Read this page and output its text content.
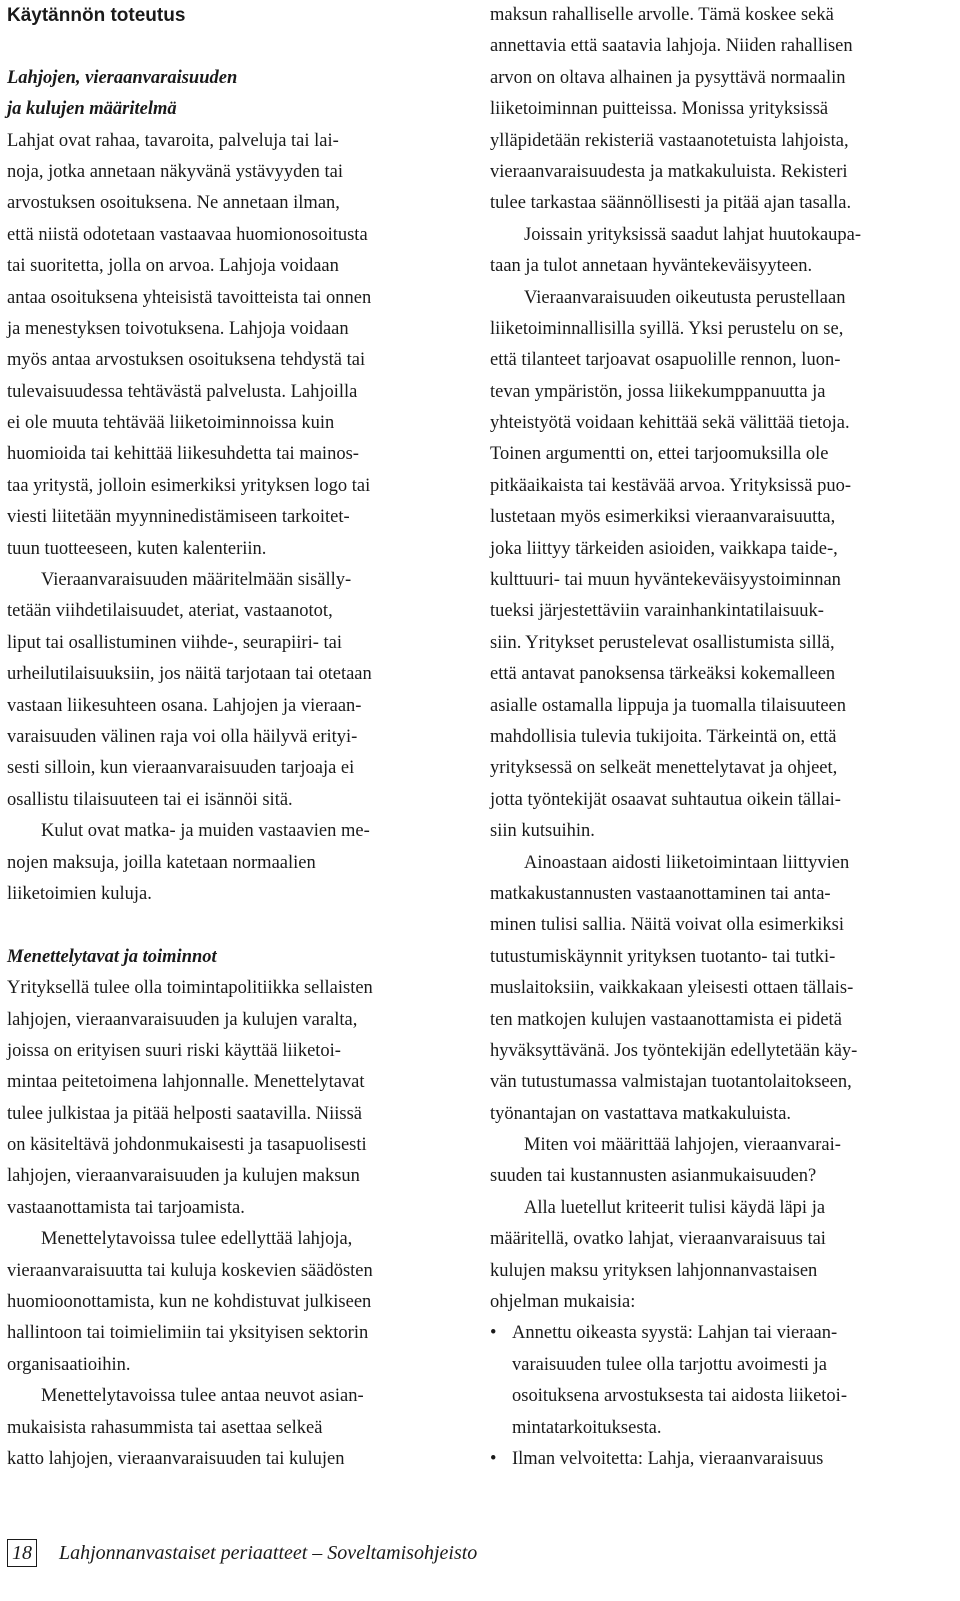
Käytännön toteutus
Lahjojen, vieraanvaraisuuden
ja kulujen määritelmä
Lahjat ovat rahaa, tavaroita, palveluja tai lai-
noja, jotka annetaan näkyvänä ystävyyden tai
arvostuksen osoituksena. Ne annetaan ilman,
että niistä odotetaan vastaavaa huomionosoitusta
tai suoritetta, jolla on arvoa. Lahjoja voidaan
antaa osoituksena yhteisistä tavoitteista tai onnen
ja menestyksen toivotuksena. Lahjoja voidaan
myös antaa arvostuksen osoituksena tehdystä tai
tulevaisuudessa tehtävästä palvelusta. Lahjoilla
ei ole muuta tehtävää liiketoiminnoissa kuin
huomioida tai kehittää liikesuhdetta tai mainos-
taa yritystä, jolloin esimerkiksi yrityksen logo tai
viesti liitetään myynninedistämiseen tarkoitet-
tuun tuotteeseen, kuten kalenteriin.
Vieraanvaraisuuden määritelmään sisälly-
tetään viihdetilaisuudet, ateriat, vastaanotot,
liput tai osallistuminen viihde-, seurapiiri- tai
urheilutilaisuuksiin, jos näitä tarjotaan tai otetaan
vastaan liikesuhteen osana. Lahjojen ja vieraan-
varaisuuden välinen raja voi olla häilyvä erityi-
sesti silloin, kun vieraanvaraisuuden tarjoaja ei
osallistu tilaisuuteen tai ei isännöi sitä.
Kulut ovat matka- ja muiden vastaavien me-
nojen maksuja, joilla katetaan normaalien
liiketoimien kuluja.
Menettelytavat ja toiminnot
Yrityksellä tulee olla toimintapolitiikka sellaisten
lahjojen, vieraanvaraisuuden ja kulujen varalta,
joissa on erityisen suuri riski käyttää liiketoi-
mintaa peitetoimena lahjonnalle. Menettelytavat
tulee julkistaa ja pitää helposti saatavilla. Niissä
on käsiteltävä johdonmukaisesti ja tasapuolisesti
lahjojen, vieraanvaraisuuden ja kulujen maksun
vastaanottamista tai tarjoamista.
Menettelytavoissa tulee edellyttää lahjoja,
vieraanvaraisuutta tai kuluja koskevien säädösten
huomioonottamista, kun ne kohdistuvat julkiseen
hallintoon tai toimielimiin tai yksityisen sektorin
organisaatioihin.
Menettelytavoissa tulee antaa neuvot asian-
mukaisista rahasummista tai asettaa selkeä
katto lahjojen, vieraanvaraisuuden tai kulujen
maksun rahalliselle arvolle. Tämä koskee sekä
annettavia että saatavia lahjoja. Niiden rahallisen
arvon on oltava alhainen ja pysyttävä normaalin
liiketoiminnan puitteissa. Monissa yrityksissä
ylläpidetään rekisteriä vastaanotetuista lahjoista,
vieraanvaraisuudesta ja matkakuluista. Rekisteri
tulee tarkastaa säännöllisesti ja pitää ajan tasalla.
Joissain yrityksissä saadut lahjat huutokaupa-
taan ja tulot annetaan hyväntekeväisyyteen.
Vieraanvaraisuuden oikeutusta perustellaan
liiketoiminnallisilla syillä. Yksi perustelu on se,
että tilanteet tarjoavat osapuolille rennon, luon-
tevan ympäristön, jossa liikekumppanuutta ja
yhteistyötä voidaan kehittää sekä välittää tietoja.
Toinen argumentti on, ettei tarjoomuksilla ole
pitkäaikaista tai kestävää arvoa. Yrityksissä puo-
lustetaan myös esimerkiksi vieraanvaraisuutta,
joka liittyy tärkeiden asioiden, vaikkapa taide-,
kulttuuri- tai muun hyväntekeväisyystoiminnan
tueksi järjestettäviin varainhankintatilaisuuk-
siin. Yritykset perustelevat osallistumista sillä,
että antavat panoksensa tärkeäksi kokemalleen
asialle ostamalla lippuja ja tuomalla tilaisuuteen
mahdollisia tulevia tukijoita. Tärkeintä on, että
yrityksessä on selkeät menettelytavat ja ohjeet,
jotta työntekijät osaavat suhtautua oikein tällai-
siin kutsuihin.
Ainoastaan aidosti liiketoimintaan liittyvien
matkakustannusten vastaanottaminen tai anta-
minen tulisi sallia. Näitä voivat olla esimerkiksi
tutustumiskäynnit yrityksen tuotanto- tai tutki-
muslaitoksiin, vaikkakaan yleisesti ottaen tällais-
ten matkojen kulujen vastaanottamista ei pidetä
hyväksyttävänä. Jos työntekijän edellytetään käy-
vän tutustumassa valmistajan tuotantolaitokseen,
työnantajan on vastattava matkakuluista.
Miten voi määrittää lahjojen, vieraanvarai-
suuden tai kustannusten asianmukaisuuden?
Alla luetellut kriteerit tulisi käydä läpi ja
määritellä, ovatko lahjat, vieraanvaraisuus tai
kulujen maksu yrityksen lahjonnanvastaisen
ohjelman mukaisia:
• Annettu oikeasta syystä: Lahjan tai vieraan-
varaisuuden tulee olla tarjottu avoimesti ja
osoituksena arvostuksesta tai aidosta liiketoi-
mintatarkoituksesta.
• Ilman velvoitetta: Lahja, vieraanvaraisuus
18 Lahjonnanvastaiset periaatteet – Soveltamisohjeisto
